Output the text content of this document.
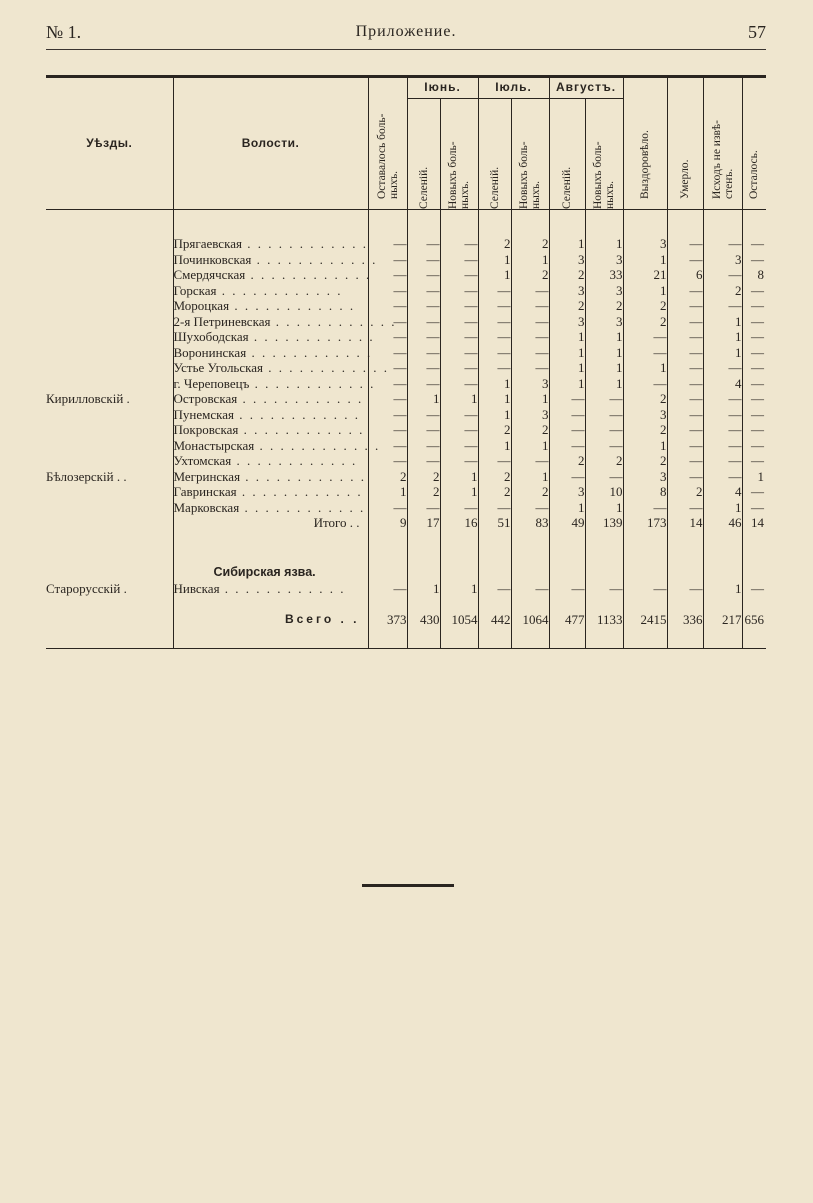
№ 1.	Приложение.	57
Уѣзды.	Волости.	Оставалось боль-
ныхъ.	Іюнь.		Іюль.		Августъ.		Выздоровѣло.	Умерло.	Исходъ не извѣ-
стенъ.	Осталось.

			Селеній.	Новыхъ боль-
ныхъ.	Селеній.	Новыхъ боль-
ныхъ.	Селеній.	Новыхъ боль-
ныхъ.				

	Прягаевская . . . . . . . . . . . .	—	—	—	2	2	1	1	3	—	—	—
	Починковская . . . . . . . . . . . .	—	—	—	1	1	3	3	1	—	3	—
	Смердячская . . . . . . . . . . . .	—	—	—	1	2	2	33	21	6	—	8
	Горская . . . . . . . . . . . .	—	—	—	—	—	3	3	1	—	2	—
	Мороцкая . . . . . . . . . . . .	—	—	—	—	—	2	2	2	—	—	—
	2-я Петриневская . . . . . . . . . . . .	—	—	—	—	—	3	3	2	—	1	—
	Шухободская . . . . . . . . . . . .	—	—	—	—	—	1	1	—	—	1	—
	Воронинская . . . . . . . . . . . .	—	—	—	—	—	1	1	—	—	1	—
	Устье Угольская . . . . . . . . . . . .	—	—	—	—	—	1	1	1	—	—	—
	г. Череповецъ . . . . . . . . . . . .	—	—	—	1	3	1	1	—	—	4	—
Кирилловскій .	Островская . . . . . . . . . . . .	—	1	1	1	1	—	—	2	—	—	—
	Пунемская . . . . . . . . . . . .	—	—	—	1	3	—	—	3	—	—	—
	Покровская . . . . . . . . . . . .	—	—	—	2	2	—	—	2	—	—	—
	Монастырская . . . . . . . . . . . .	—	—	—	1	1	—	—	1	—	—	—
	Ухтомская . . . . . . . . . . . .	—	—	—	—	—	2	2	2	—	—	—
Бѣлозерскій . .	Мегринская . . . . . . . . . . . .	2	2	1	2	1	—	—	3	—	—	1
	Гавринская . . . . . . . . . . . .	1	2	1	2	2	3	10	8	2	4	—
	Марковская . . . . . . . . . . . .	—	—	—	—	—	1	1	—	—	1	—
	Итого . .	9	17	16	51	83	49	139	173	14	46	14
	Сибирская язва.											
Старорусскій .	Нивская . . . . . . . . . . . .	—	1	1	—	—	—	—	—	—	1	—
	Всего . .	373	430	1054	442	1064	477	1133	2415	336	217	656
